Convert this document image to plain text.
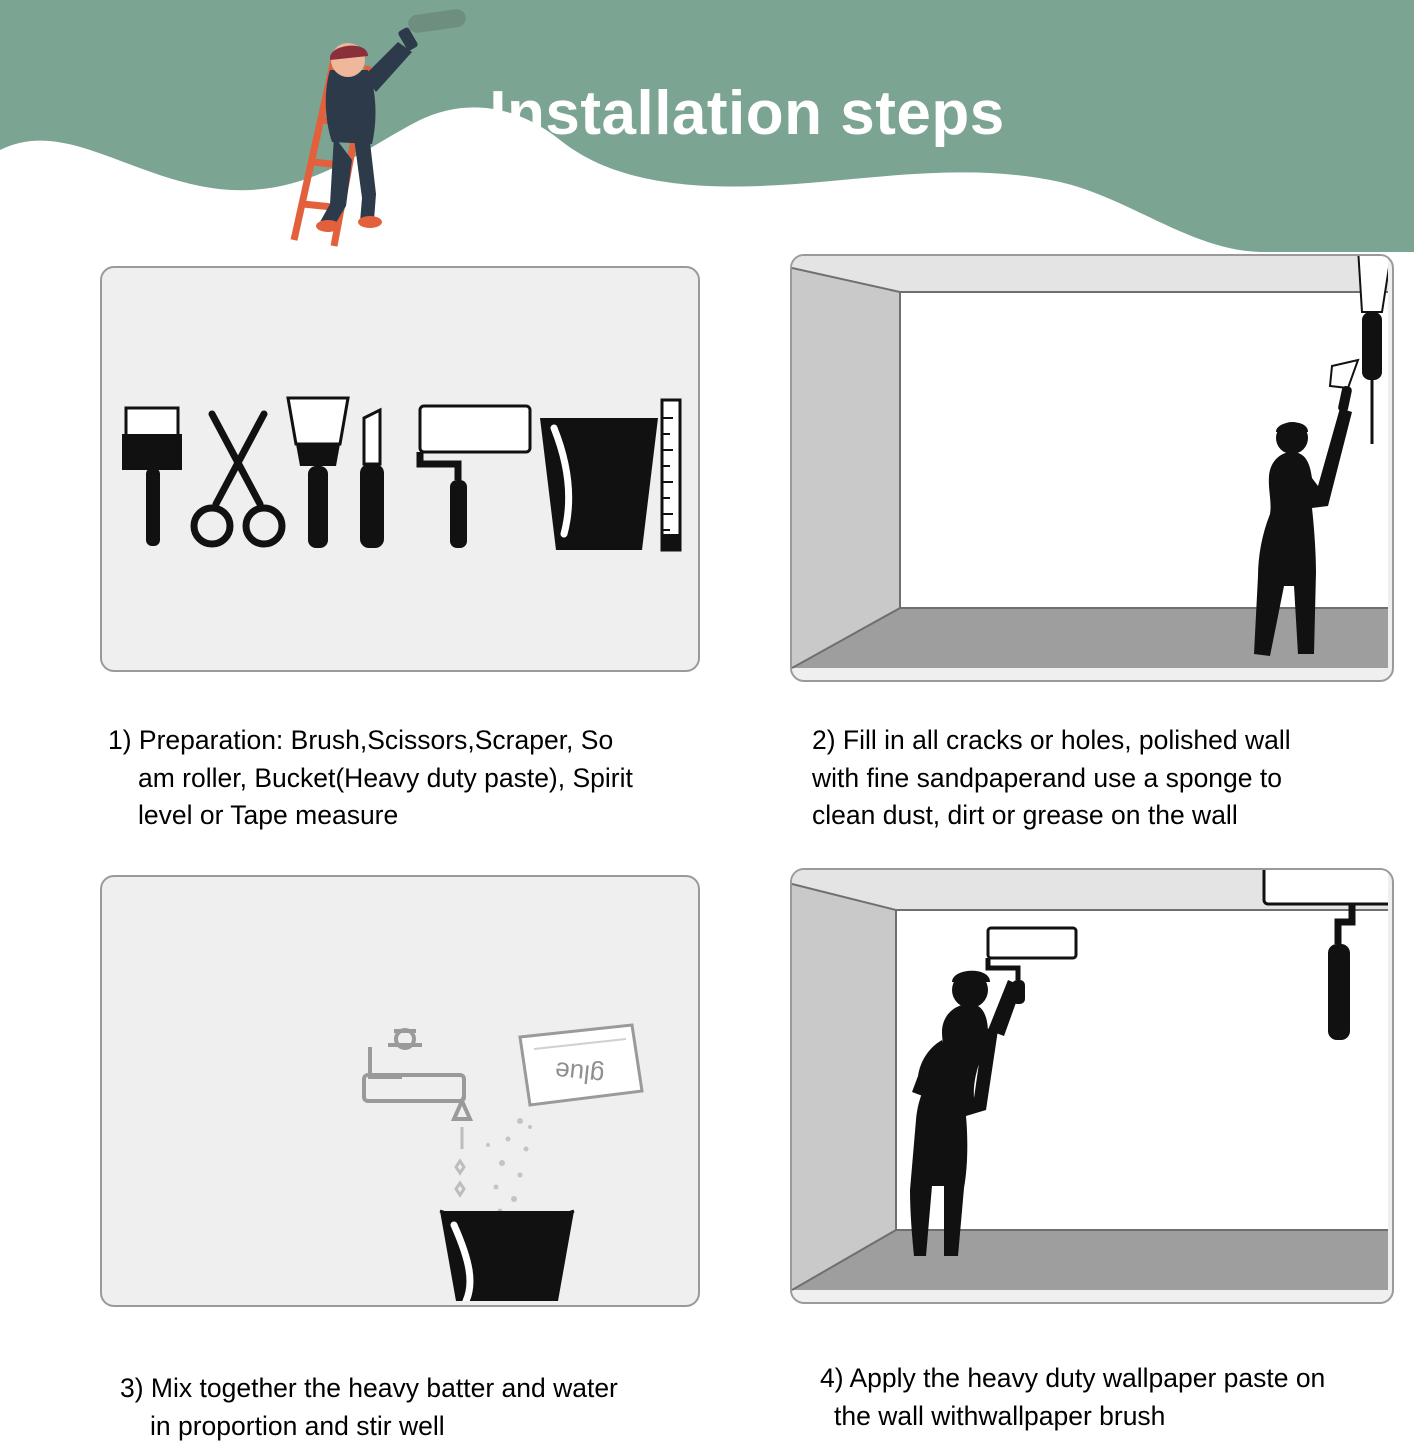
Installation steps
glue
1) Preparation: Brush,Scissors,Scraper, So
am roller, Bucket(Heavy duty paste), Spirit
level or Tape measure
2) Fill in all cracks or holes, polished wall
with fine sandpaperand use a sponge to
clean dust, dirt or grease on the wall
3) Mix together the heavy batter and water
in proportion and stir well
4) Apply the heavy duty wallpaper paste on
the wall withwallpaper brush
